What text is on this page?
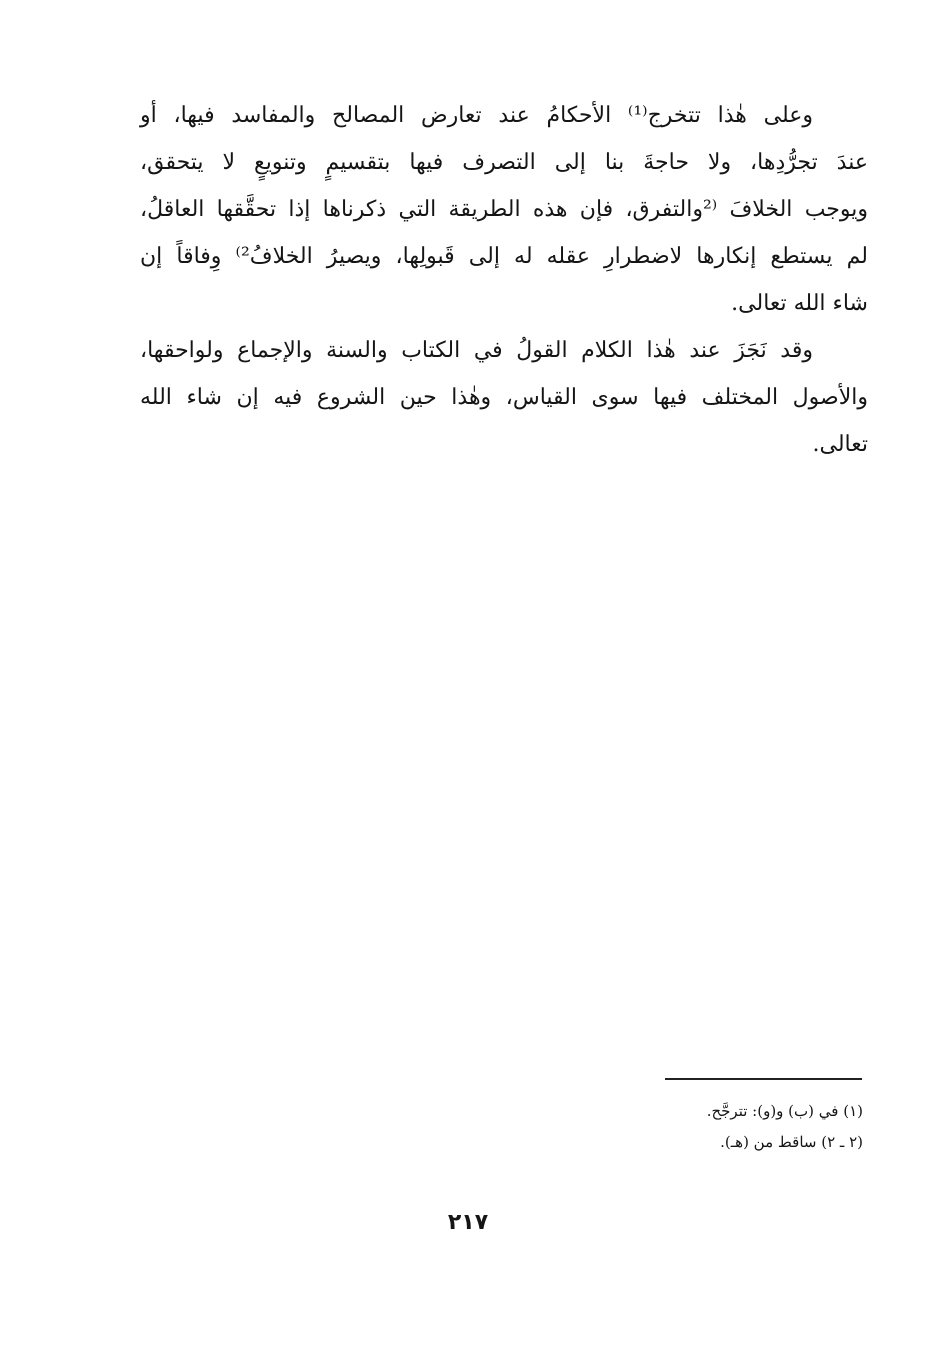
وعلى هٰذا تتخرج⁽¹⁾ الأحكامُ عند تعارض المصالح والمفاسد فيها، أو
عندَ تجرُّدِها، ولا حاجةَ بنا إلى التصرف فيها بتقسيمٍ وتنويعٍ لا يتحقق،
ويوجب الخلافَ ⁽²والتفرق، فإن هذه الطريقة التي ذكرناها إذا تحقَّقها العاقلُ،
لم يستطع إنكارها لاضطرارِ عقله له إلى قَبولِها، ويصيرُ الخلافُ²⁾ وِفاقاً إن
شاء الله تعالى.

وقد نَجَزَ عند هٰذا الكلام القولُ في الكتاب والسنة والإجماع ولواحقها،
والأصول المختلف فيها سوى القياس، وهٰذا حين الشروع فيه إن شاء الله
تعالى.

(١) في (ب) و(و): تترجَّح.
(٢ ـ ٢) ساقط من (هـ).
٢١٧
